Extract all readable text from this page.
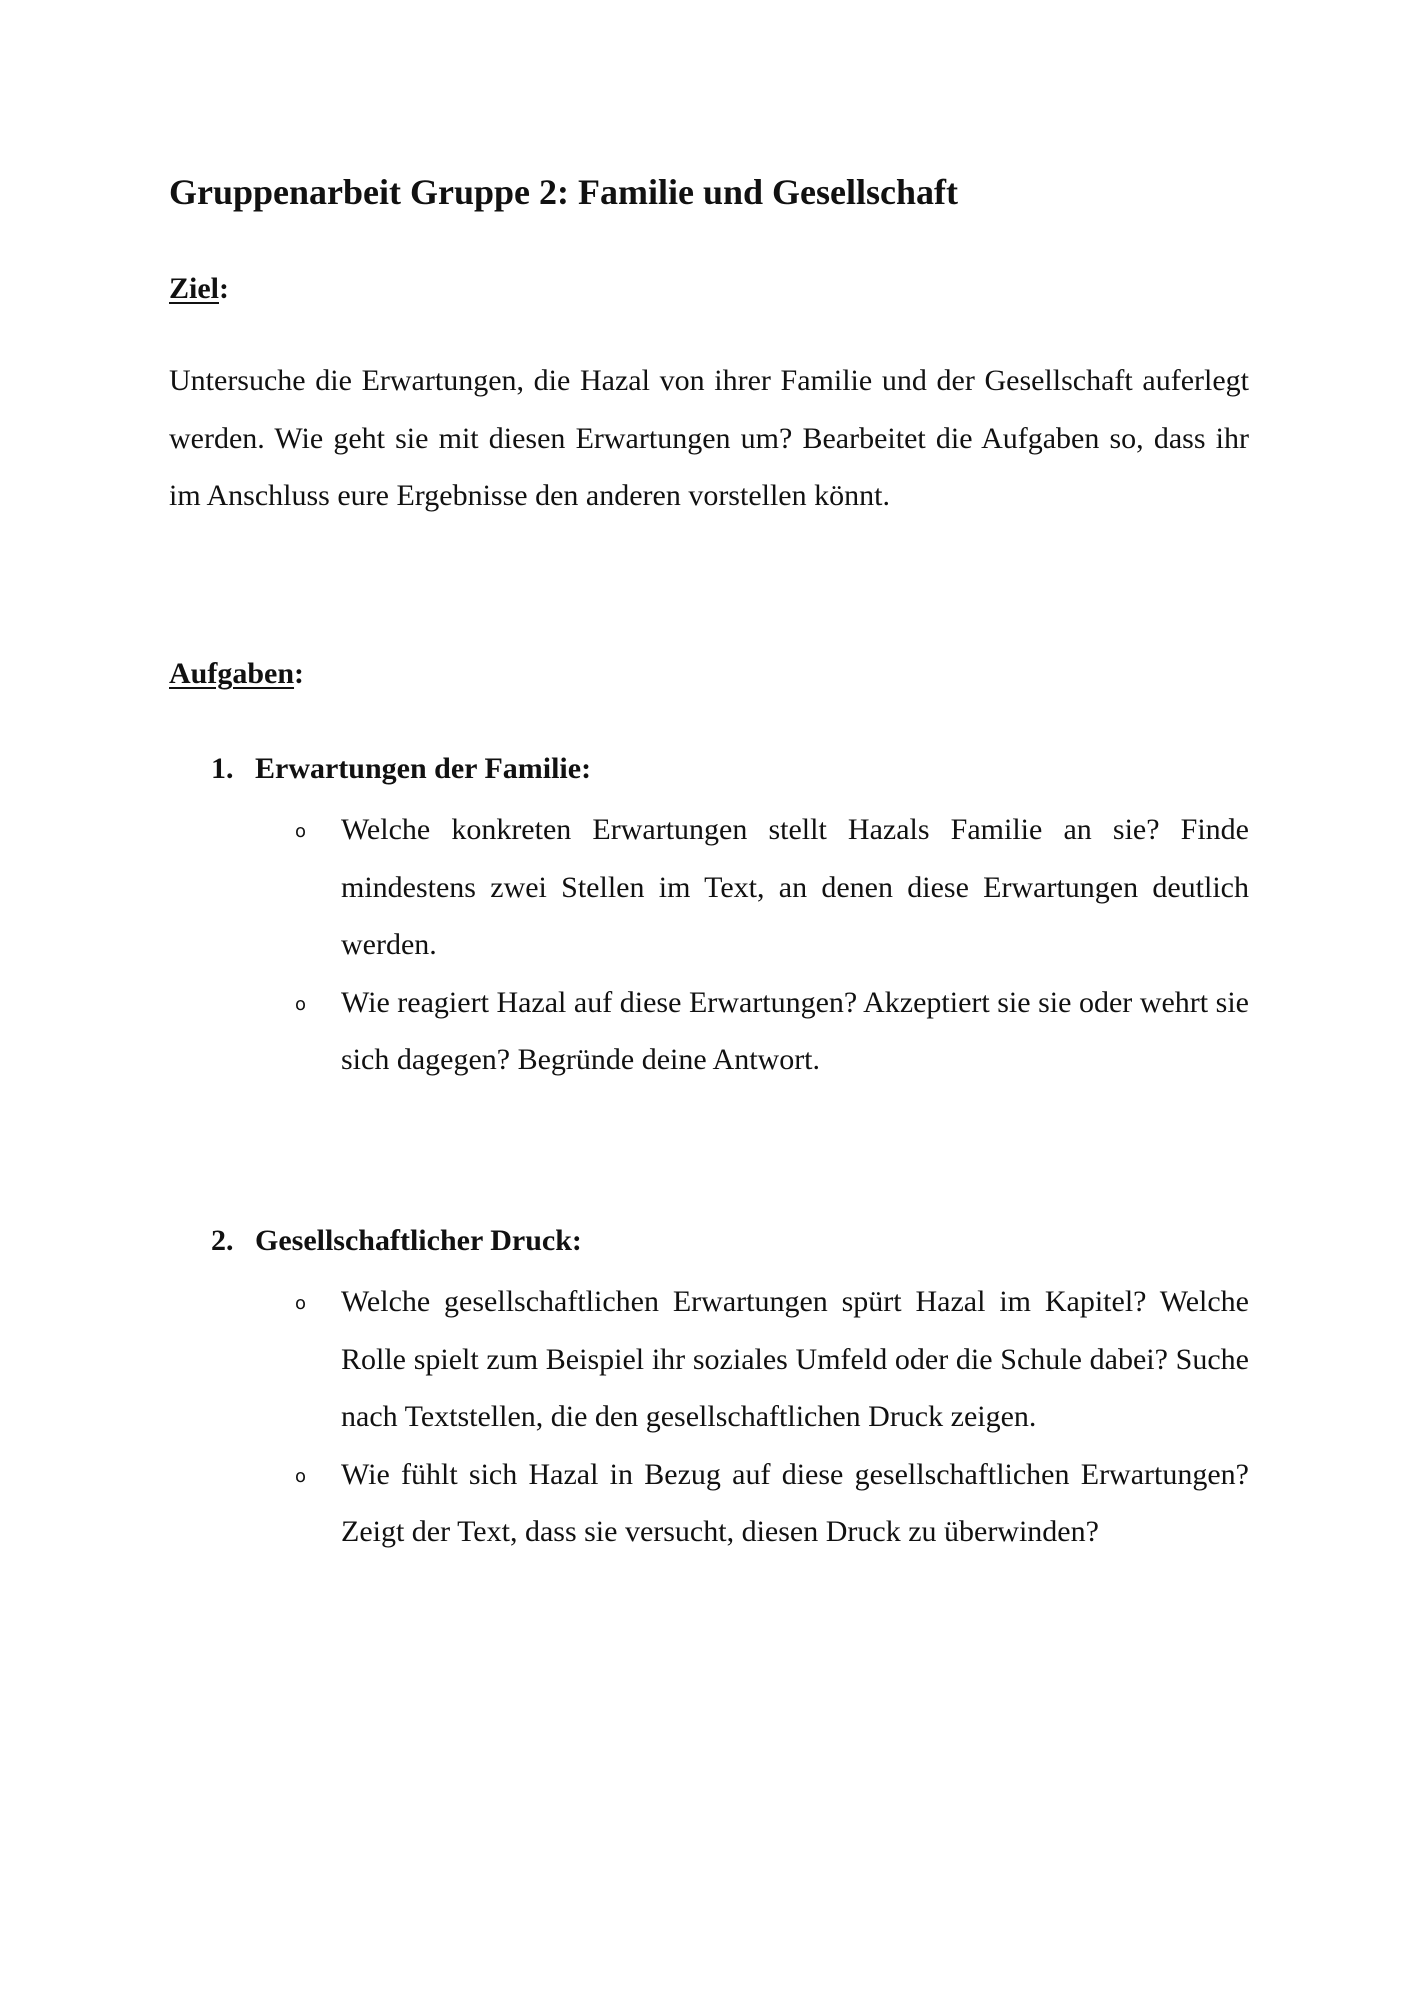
Gruppenarbeit Gruppe 2: Familie und Gesellschaft

Ziel:

Untersuche die Erwartungen, die Hazal von ihrer Familie und der Gesellschaft auferlegt werden. Wie geht sie mit diesen Erwartungen um? Bearbeitet die Aufgaben so, dass ihr im Anschluss eure Ergebnisse den anderen vorstellen könnt.

Aufgaben:

1. Erwartungen der Familie:

o Welche konkreten Erwartungen stellt Hazals Familie an sie? Finde mindestens zwei Stellen im Text, an denen diese Erwartungen deutlich werden.
o Wie reagiert Hazal auf diese Erwartungen? Akzeptiert sie sie oder wehrt sie sich dagegen? Begründe deine Antwort.

2. Gesellschaftlicher Druck:

o Welche gesellschaftlichen Erwartungen spürt Hazal im Kapitel? Welche Rolle spielt zum Beispiel ihr soziales Umfeld oder die Schule dabei? Suche nach Textstellen, die den gesellschaftlichen Druck zeigen.
o Wie fühlt sich Hazal in Bezug auf diese gesellschaftlichen Erwartungen? Zeigt der Text, dass sie versucht, diesen Druck zu überwinden?
